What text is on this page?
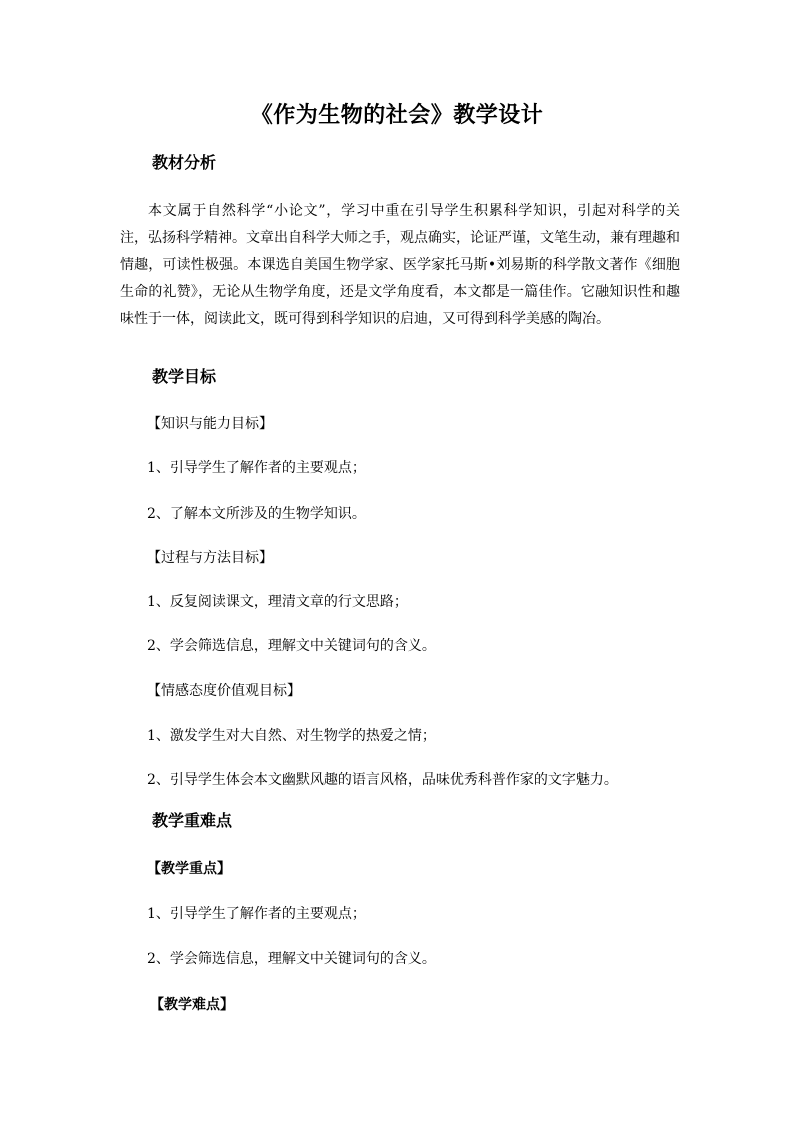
《作为生物的社会》教学设计
教材分析

本文属于自然科学“小论文”，学习中重在引导学生积累科学知识，引起对科学的关注，弘扬科学精神。文章出自科学大师之手，观点确实，论证严谨，文笔生动，兼有理趣和情趣，可读性极强。本课选自美国生物学家、医学家托马斯•刘易斯的科学散文著作《细胞生命的礼赞》，无论从生物学角度，还是文学角度看，本文都是一篇佳作。它融知识性和趣味性于一体，阅读此文，既可得到科学知识的启迪，又可得到科学美感的陶冶。

教学目标
【知识与能力目标】
1、引导学生了解作者的主要观点；
2、了解本文所涉及的生物学知识。
【过程与方法目标】
1、反复阅读课文，理清文章的行文思路；
2、学会筛选信息，理解文中关键词句的含义。
【情感态度价值观目标】
1、激发学生对大自然、对生物学的热爱之情；
2、引导学生体会本文幽默风趣的语言风格，品味优秀科普作家的文字魅力。
教学重难点
【教学重点】
1、引导学生了解作者的主要观点；
2、学会筛选信息，理解文中关键词句的含义。
【教学难点】
